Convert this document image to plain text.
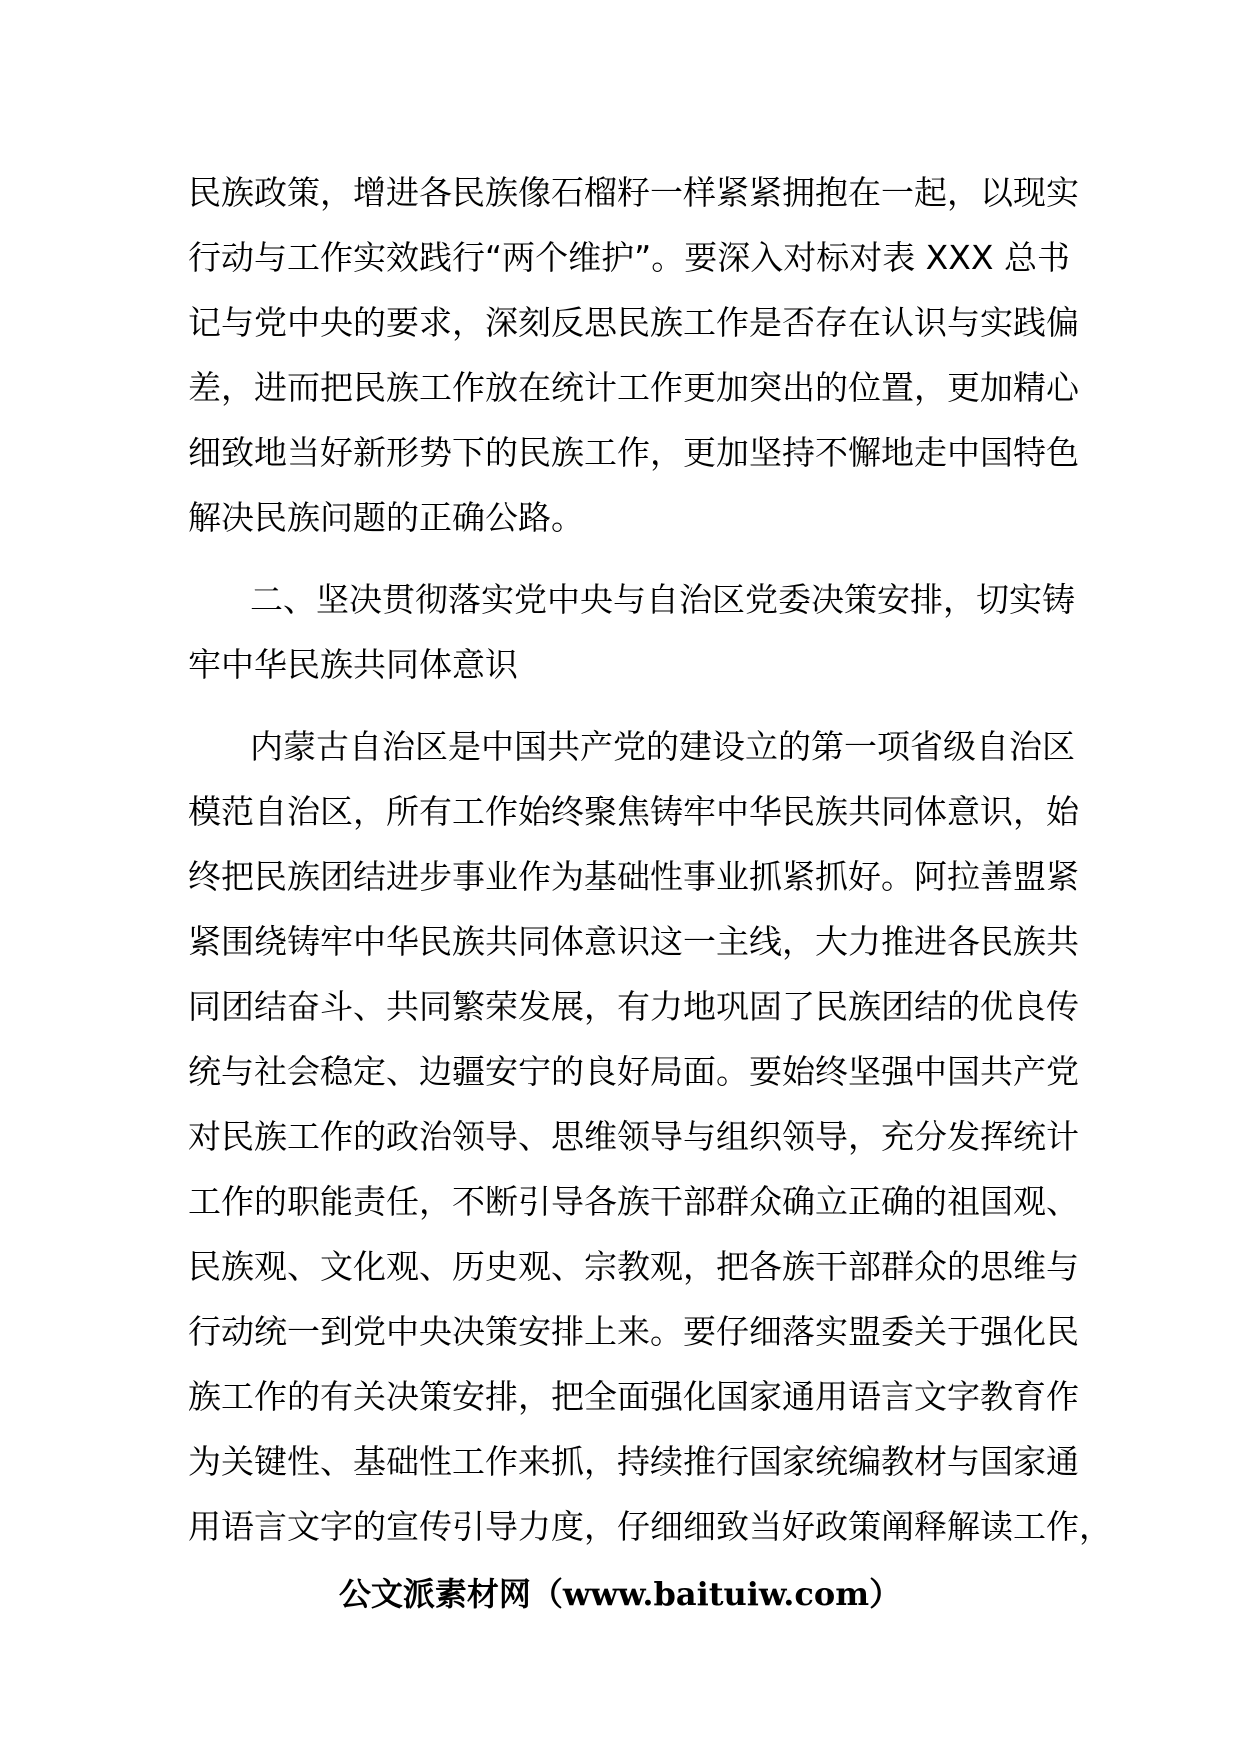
民族政策，增进各民族像石榴籽一样紧紧拥抱在一起，以现实
行动与工作实效践行“两个维护”。要深入对标对表 XXX 总书
记与党中央的要求，深刻反思民族工作是否存在认识与实践偏
差，进而把民族工作放在统计工作更加突出的位置，更加精心
细致地当好新形势下的民族工作，更加坚持不懈地走中国特色
解决民族问题的正确公路。
二、坚决贯彻落实党中央与自治区党委决策安排，切实铸
牢中华民族共同体意识
内蒙古自治区是中国共产党的建设立的第一项省级自治区
模范自治区，所有工作始终聚焦铸牢中华民族共同体意识，始
终把民族团结进步事业作为基础性事业抓紧抓好。阿拉善盟紧
紧围绕铸牢中华民族共同体意识这一主线，大力推进各民族共
同团结奋斗、共同繁荣发展，有力地巩固了民族团结的优良传
统与社会稳定、边疆安宁的良好局面。要始终坚强中国共产党
对民族工作的政治领导、思维领导与组织领导，充分发挥统计
工作的职能责任，不断引导各族干部群众确立正确的祖国观、
民族观、文化观、历史观、宗教观，把各族干部群众的思维与
行动统一到党中央决策安排上来。要仔细落实盟委关于强化民
族工作的有关决策安排，把全面强化国家通用语言文字教育作
为关键性、基础性工作来抓，持续推行国家统编教材与国家通
用语言文字的宣传引导力度，仔细细致当好政策阐释解读工作，
公文派素材网（www.baituiw.com）
